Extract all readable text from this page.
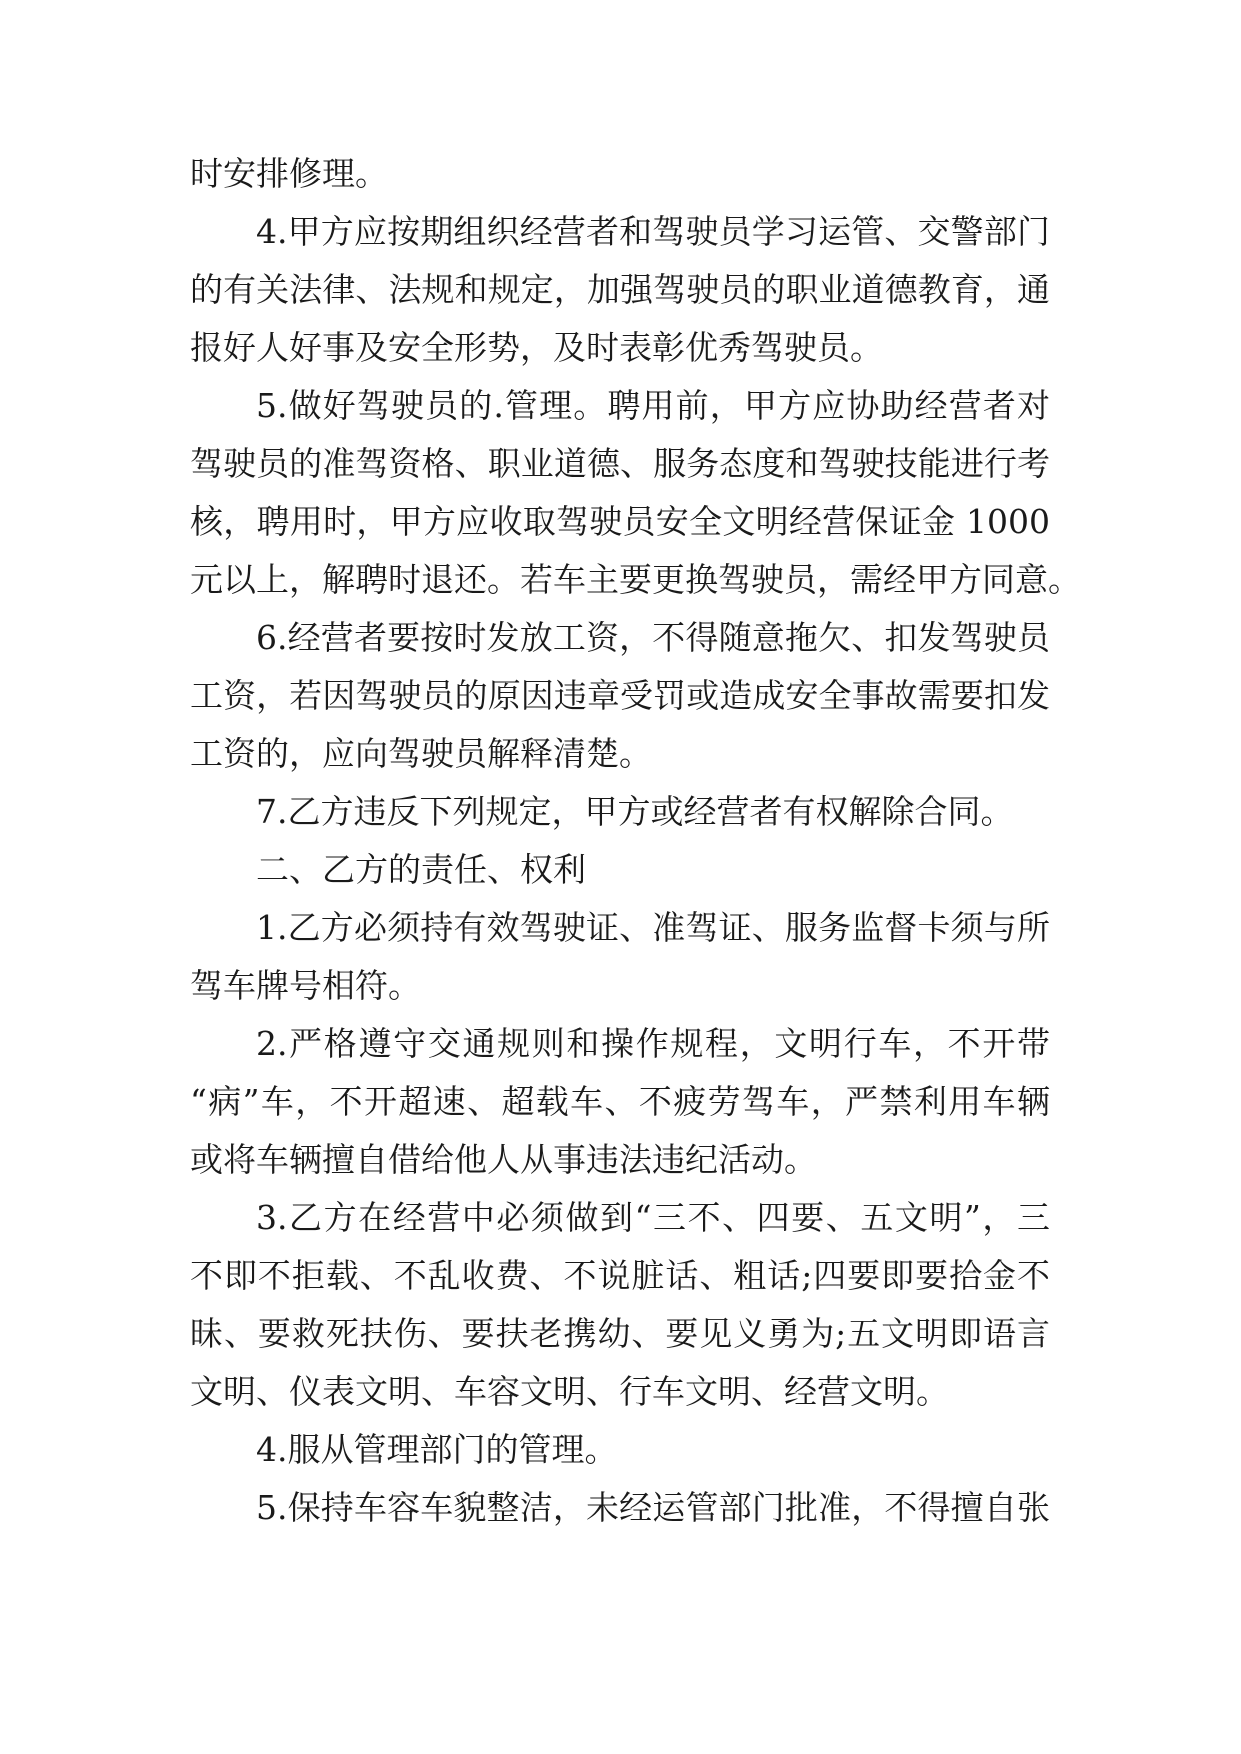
时安排修理。
4.甲方应按期组织经营者和驾驶员学习运管、交警部门
的有关法律、法规和规定，加强驾驶员的职业道德教育，通
报好人好事及安全形势，及时表彰优秀驾驶员。
5.做好驾驶员的.管理。聘用前，甲方应协助经营者对
驾驶员的准驾资格、职业道德、服务态度和驾驶技能进行考
核，聘用时，甲方应收取驾驶员安全文明经营保证金 1000
元以上，解聘时退还。若车主要更换驾驶员，需经甲方同意。
6.经营者要按时发放工资，不得随意拖欠、扣发驾驶员
工资，若因驾驶员的原因违章受罚或造成安全事故需要扣发
工资的，应向驾驶员解释清楚。
7.乙方违反下列规定，甲方或经营者有权解除合同。
二、乙方的责任、权利
1.乙方必须持有效驾驶证、准驾证、服务监督卡须与所
驾车牌号相符。
2.严格遵守交通规则和操作规程，文明行车，不开带
“病”车，不开超速、超载车、不疲劳驾车，严禁利用车辆
或将车辆擅自借给他人从事违法违纪活动。
3.乙方在经营中必须做到“三不、四要、五文明”，三
不即不拒载、不乱收费、不说脏话、粗话;四要即要拾金不
昧、要救死扶伤、要扶老携幼、要见义勇为;五文明即语言
文明、仪表文明、车容文明、行车文明、经营文明。
4.服从管理部门的管理。
5.保持车容车貌整洁，未经运管部门批准，不得擅自张
